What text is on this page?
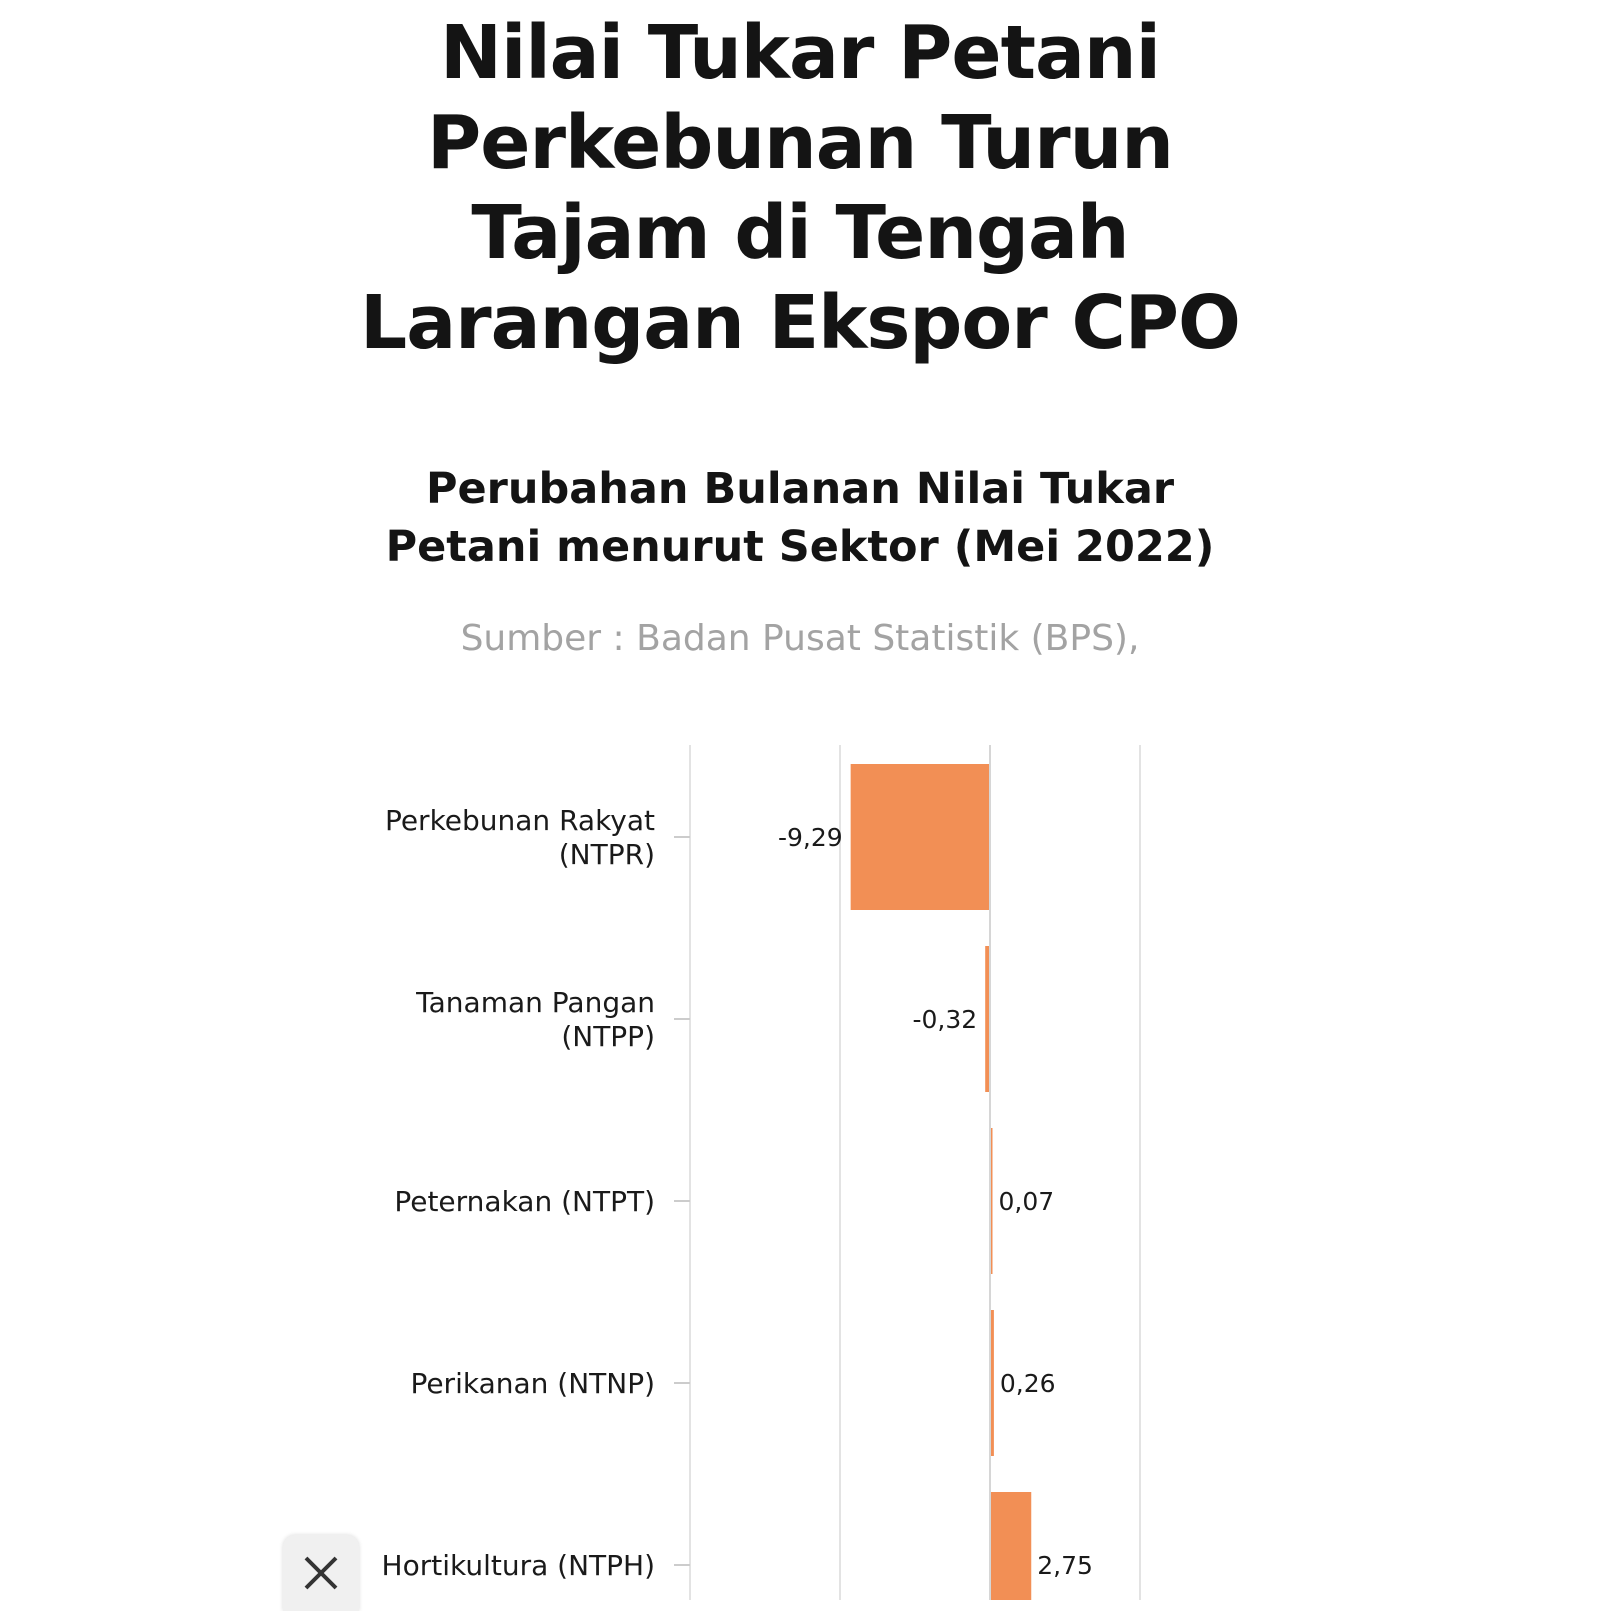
Nilai Tukar Petani
Perkebunan Turun
Tajam di Tengah
Larangan Ekspor CPO
Perubahan Bulanan Nilai Tukar
Petani menurut Sektor (Mei 2022)

Sumber : Badan Pusat Statistik (BPS),

Perkebunan Rakyat (NTPR)
-9,29
Tanaman Pangan (NTPP)
-0,32
Peternakan (NTPT)	0,07
Perikanan (NTNP)	0,26
Hortikultura (NTPH)	2,75
